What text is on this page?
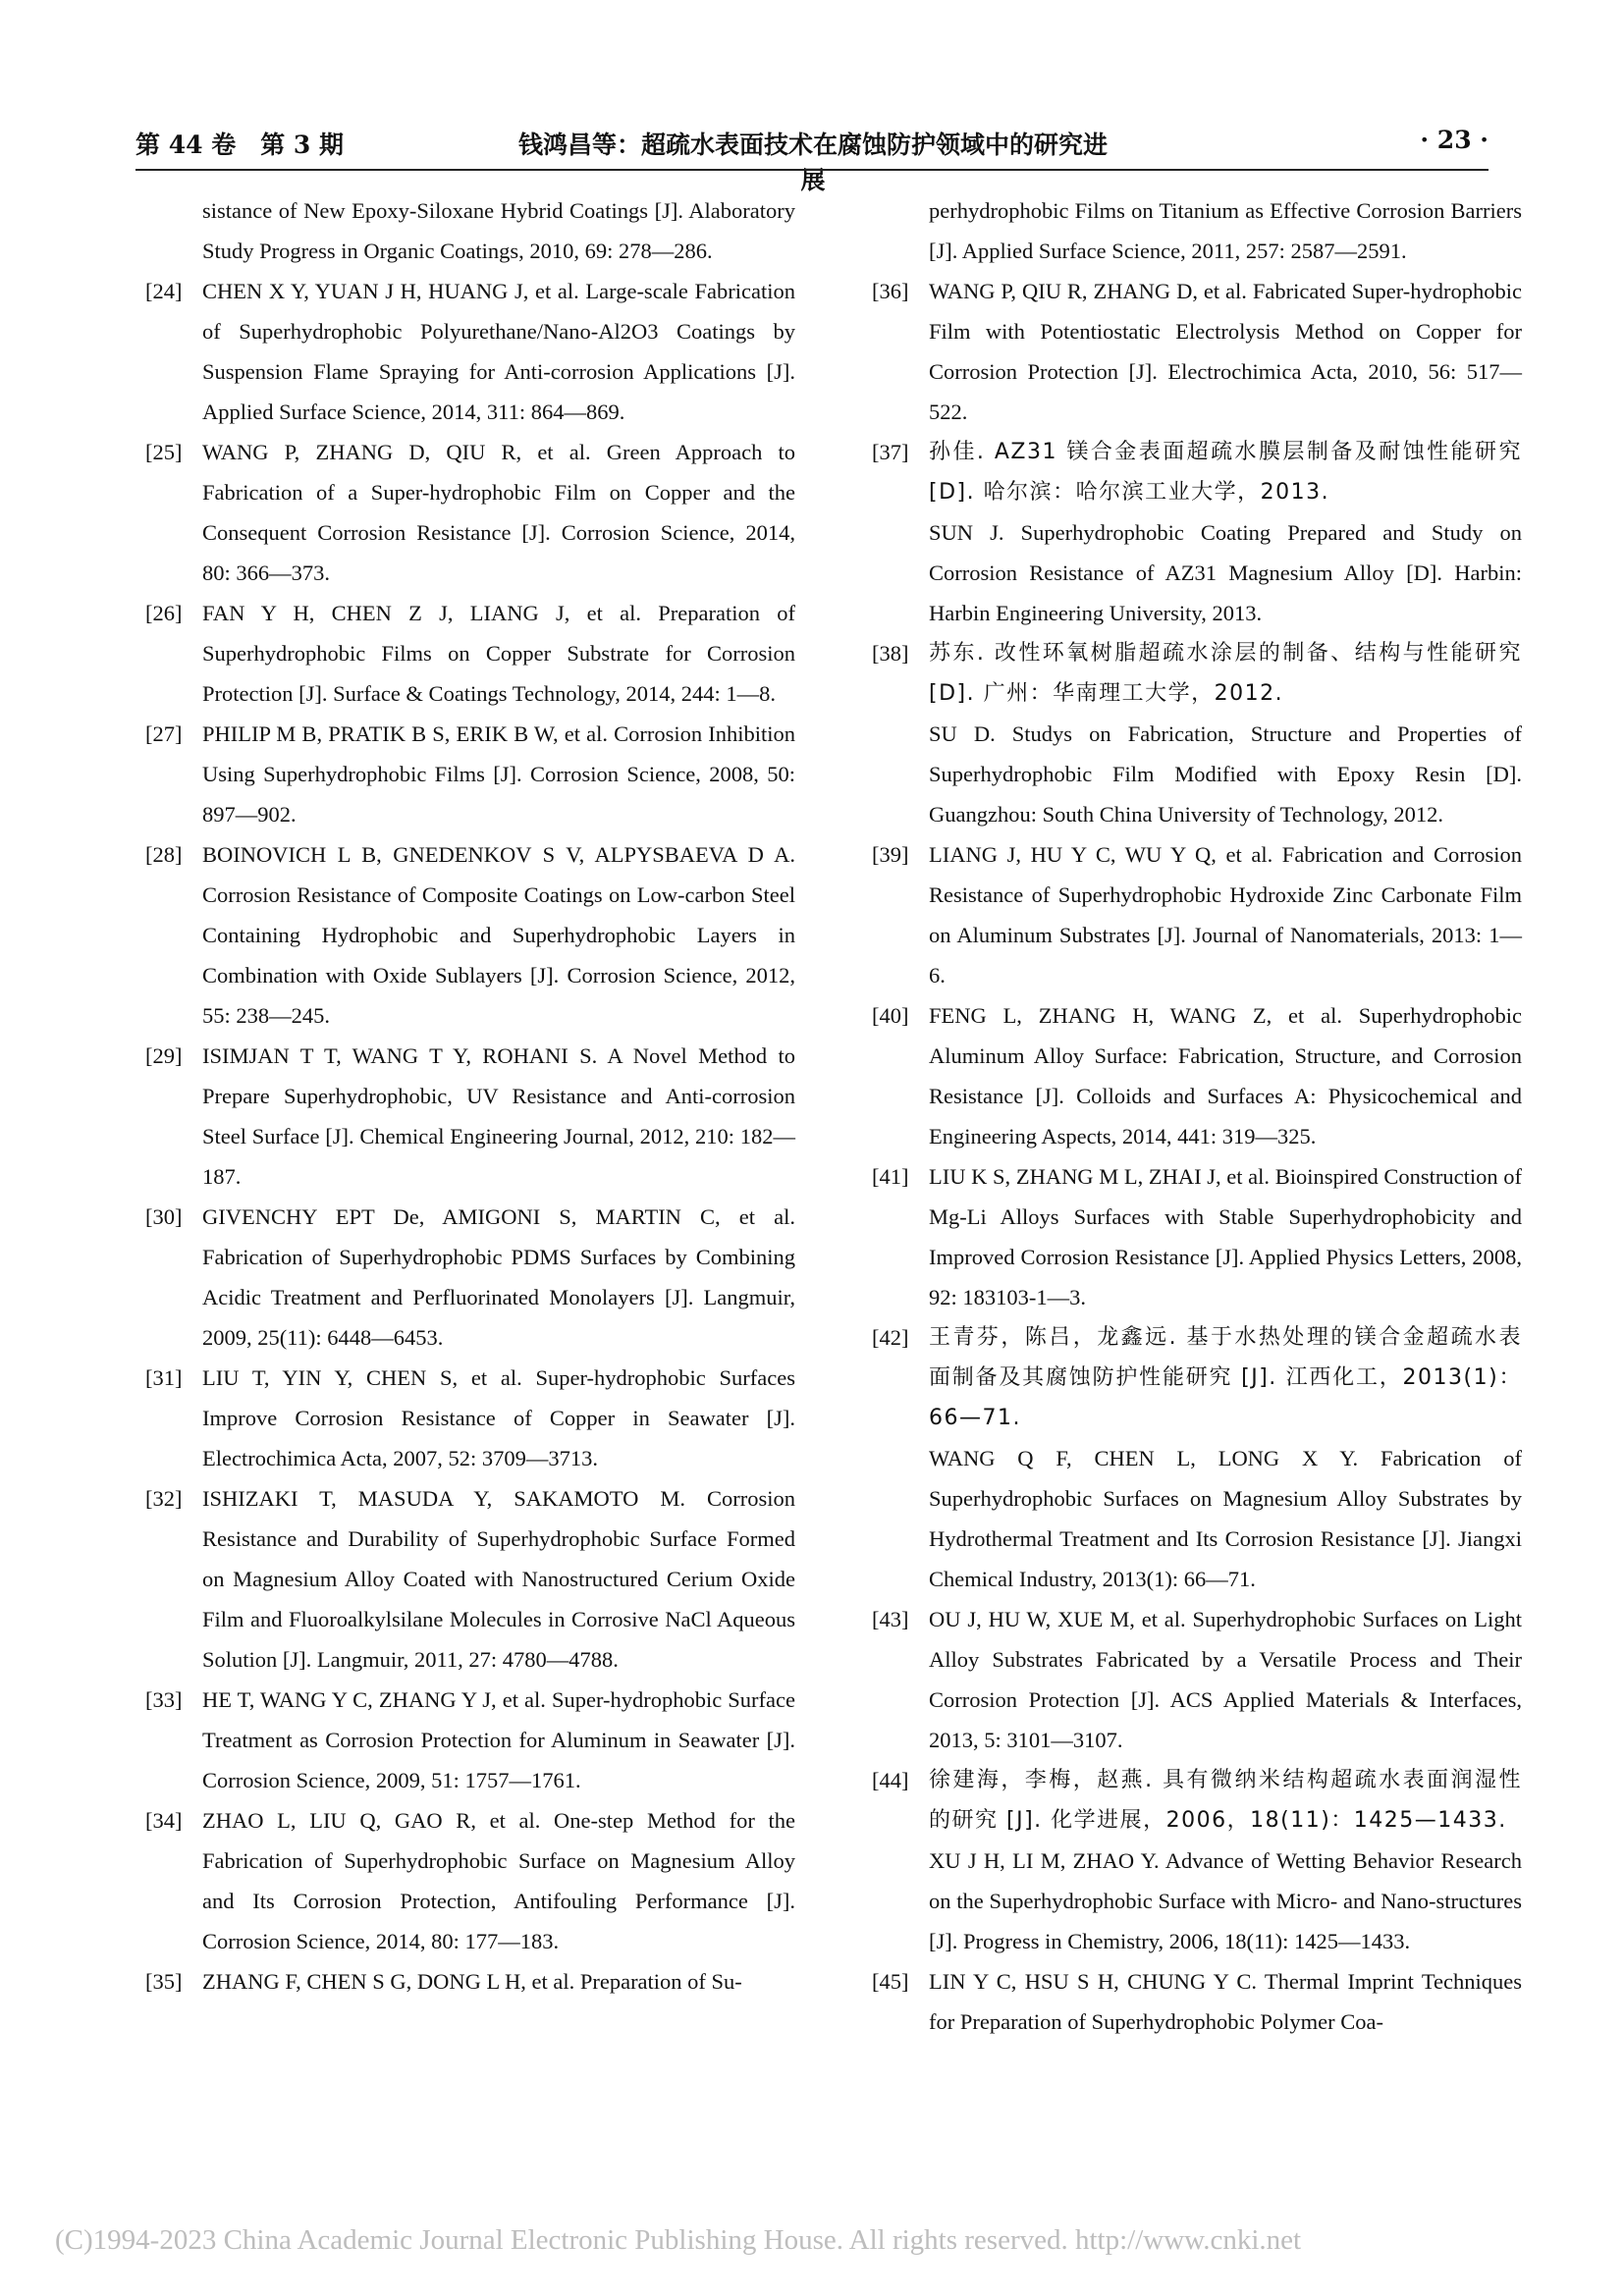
第 44 卷　第 3 期	钱鸿昌等：超疏水表面技术在腐蚀防护领域中的研究进展
· 23 ·
sistance of New Epoxy-Siloxane Hybrid Coatings [J]. Alaboratory Study Progress in Organic Coatings, 2010, 69: 278—286.
[24] CHEN X Y, YUAN J H, HUANG J, et al. Large-scale Fabrication of Superhydrophobic Polyurethane/Nano-Al2O3 Coatings by Suspension Flame Spraying for Anti-corrosion Applications [J]. Applied Surface Science, 2014, 311: 864—869.
[25] WANG P, ZHANG D, QIU R, et al. Green Approach to Fabrication of a Super-hydrophobic Film on Copper and the Consequent Corrosion Resistance [J]. Corrosion Science, 2014, 80: 366—373.
[26] FAN Y H, CHEN Z J, LIANG J, et al. Preparation of Superhydrophobic Films on Copper Substrate for Corrosion Protection [J]. Surface & Coatings Technology, 2014, 244: 1—8.
[27] PHILIP M B, PRATIK B S, ERIK B W, et al. Corrosion Inhibition Using Superhydrophobic Films [J]. Corrosion Science, 2008, 50: 897—902.
[28] BOINOVICH L B, GNEDENKOV S V, ALPYSBAEVA D A. Corrosion Resistance of Composite Coatings on Low-carbon Steel Containing Hydrophobic and Superhydrophobic Layers in Combination with Oxide Sublayers [J]. Corrosion Science, 2012, 55: 238—245.
[29] ISIMJAN T T, WANG T Y, ROHANI S. A Novel Method to Prepare Superhydrophobic, UV Resistance and Anti-corrosion Steel Surface [J]. Chemical Engineering Journal, 2012, 210: 182—187.
[30] GIVENCHY EPT De, AMIGONI S, MARTIN C, et al. Fabrication of Superhydrophobic PDMS Surfaces by Combining Acidic Treatment and Perfluorinated Monolayers [J]. Langmuir, 2009, 25(11): 6448—6453.
[31] LIU T, YIN Y, CHEN S, et al. Super-hydrophobic Surfaces Improve Corrosion Resistance of Copper in Seawater [J]. Electrochimica Acta, 2007, 52: 3709—3713.
[32] ISHIZAKI T, MASUDA Y, SAKAMOTO M. Corrosion Resistance and Durability of Superhydrophobic Surface Formed on Magnesium Alloy Coated with Nanostructured Cerium Oxide Film and Fluoroalkylsilane Molecules in Corrosive NaCl Aqueous Solution [J]. Langmuir, 2011, 27: 4780—4788.
[33] HE T, WANG Y C, ZHANG Y J, et al. Super-hydrophobic Surface Treatment as Corrosion Protection for Aluminum in Seawater [J]. Corrosion Science, 2009, 51: 1757—1761.
[34] ZHAO L, LIU Q, GAO R, et al. One-step Method for the Fabrication of Superhydrophobic Surface on Magnesium Alloy and Its Corrosion Protection, Antifouling Performance [J]. Corrosion Science, 2014, 80: 177—183.
[35] ZHANG F, CHEN S G, DONG L H, et al. Preparation of Su-
perhydrophobic Films on Titanium as Effective Corrosion Barriers [J]. Applied Surface Science, 2011, 257: 2587—2591.
[36] WANG P, QIU R, ZHANG D, et al. Fabricated Super-hydrophobic Film with Potentiostatic Electrolysis Method on Copper for Corrosion Protection [J]. Electrochimica Acta, 2010, 56: 517—522.
[37] 孙佳. AZ31 镁合金表面超疏水膜层制备及耐蚀性能研究 [D]. 哈尔滨：哈尔滨工业大学，2013.
SUN J. Superhydrophobic Coating Prepared and Study on Corrosion Resistance of AZ31 Magnesium Alloy [D]. Harbin: Harbin Engineering University, 2013.
[38] 苏东. 改性环氧树脂超疏水涂层的制备、结构与性能研究 [D]. 广州：华南理工大学，2012.
SU D. Studys on Fabrication, Structure and Properties of Superhydrophobic Film Modified with Epoxy Resin [D]. Guangzhou: South China University of Technology, 2012.
[39] LIANG J, HU Y C, WU Y Q, et al. Fabrication and Corrosion Resistance of Superhydrophobic Hydroxide Zinc Carbonate Film on Aluminum Substrates [J]. Journal of Nanomaterials, 2013: 1—6.
[40] FENG L, ZHANG H, WANG Z, et al. Superhydrophobic Aluminum Alloy Surface: Fabrication, Structure, and Corrosion Resistance [J]. Colloids and Surfaces A: Physicochemical and Engineering Aspects, 2014, 441: 319—325.
[41] LIU K S, ZHANG M L, ZHAI J, et al. Bioinspired Construction of Mg-Li Alloys Surfaces with Stable Superhydrophobicity and Improved Corrosion Resistance [J]. Applied Physics Letters, 2008, 92: 183103-1—3.
[42] 王青芬，陈吕，龙鑫远. 基于水热处理的镁合金超疏水表面制备及其腐蚀防护性能研究 [J]. 江西化工，2013(1)：66—71.
WANG Q F, CHEN L, LONG X Y. Fabrication of Superhydrophobic Surfaces on Magnesium Alloy Substrates by Hydrothermal Treatment and Its Corrosion Resistance [J]. Jiangxi Chemical Industry, 2013(1): 66—71.
[43] OU J, HU W, XUE M, et al. Superhydrophobic Surfaces on Light Alloy Substrates Fabricated by a Versatile Process and Their Corrosion Protection [J]. ACS Applied Materials & Interfaces, 2013, 5: 3101—3107.
[44] 徐建海，李梅，赵燕. 具有微纳米结构超疏水表面润湿性的研究 [J]. 化学进展，2006，18(11)：1425—1433.
XU J H, LI M, ZHAO Y. Advance of Wetting Behavior Research on the Superhydrophobic Surface with Micro- and Nano-structures [J]. Progress in Chemistry, 2006, 18(11): 1425—1433.
[45] LIN Y C, HSU S H, CHUNG Y C. Thermal Imprint Techniques for Preparation of Superhydrophobic Polymer Coa-
(C)1994-2023 China Academic Journal Electronic Publishing House. All rights reserved. http://www.cnki.net
